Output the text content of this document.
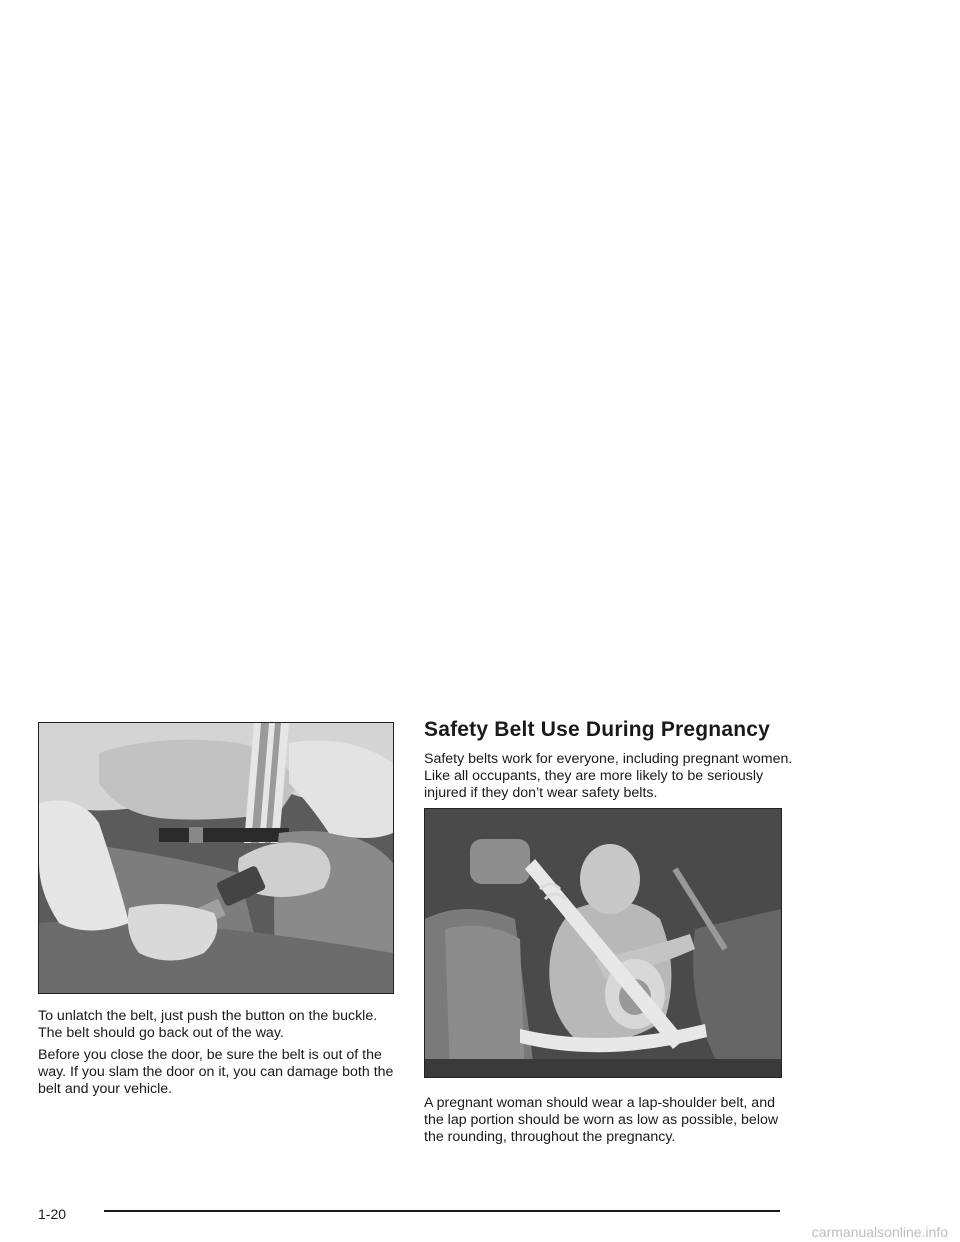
To unlatch the belt, just push the button on the buckle. The belt should go back out of the way.

Before you close the door, be sure the belt is out of the way. If you slam the door on it, you can damage both the belt and your vehicle.

Safety Belt Use During Pregnancy

Safety belts work for everyone, including pregnant women. Like all occupants, they are more likely to be seriously injured if they don’t wear safety belts.

A pregnant woman should wear a lap-shoulder belt, and the lap portion should be worn as low as possible, below the rounding, throughout the pregnancy.

1-20
carmanualsonline.info
